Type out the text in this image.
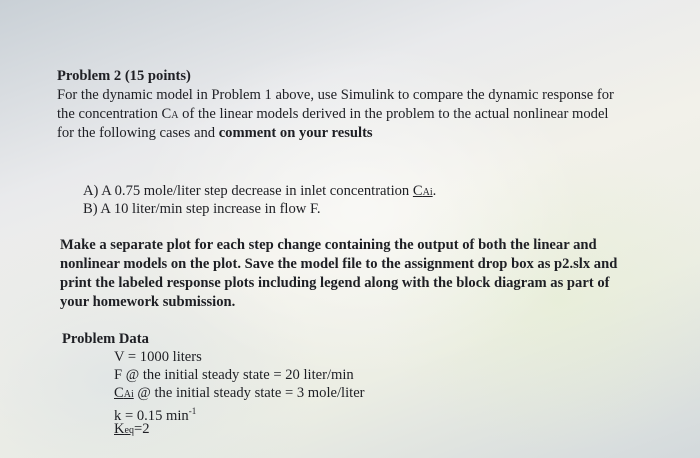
Problem 2 (15 points)
For the dynamic model in Problem 1 above, use Simulink to compare the dynamic response for
the concentration CA of the linear models derived in the problem to the actual nonlinear model
for the following cases and comment on your results
A) A 0.75 mole/liter step decrease in inlet concentration CAi.
B) A 10 liter/min step increase in flow F.
Make a separate plot for each step change containing the output of both the linear and
nonlinear models on the plot. Save the model file to the assignment drop box as p2.slx and
print the labeled response plots including legend along with the block diagram as part of
your homework submission.
Problem Data
V = 1000 liters
F @ the initial steady state = 20 liter/min
CAi @ the initial steady state = 3 mole/liter
k = 0.15 $\min^{-1}$
Keq=2
